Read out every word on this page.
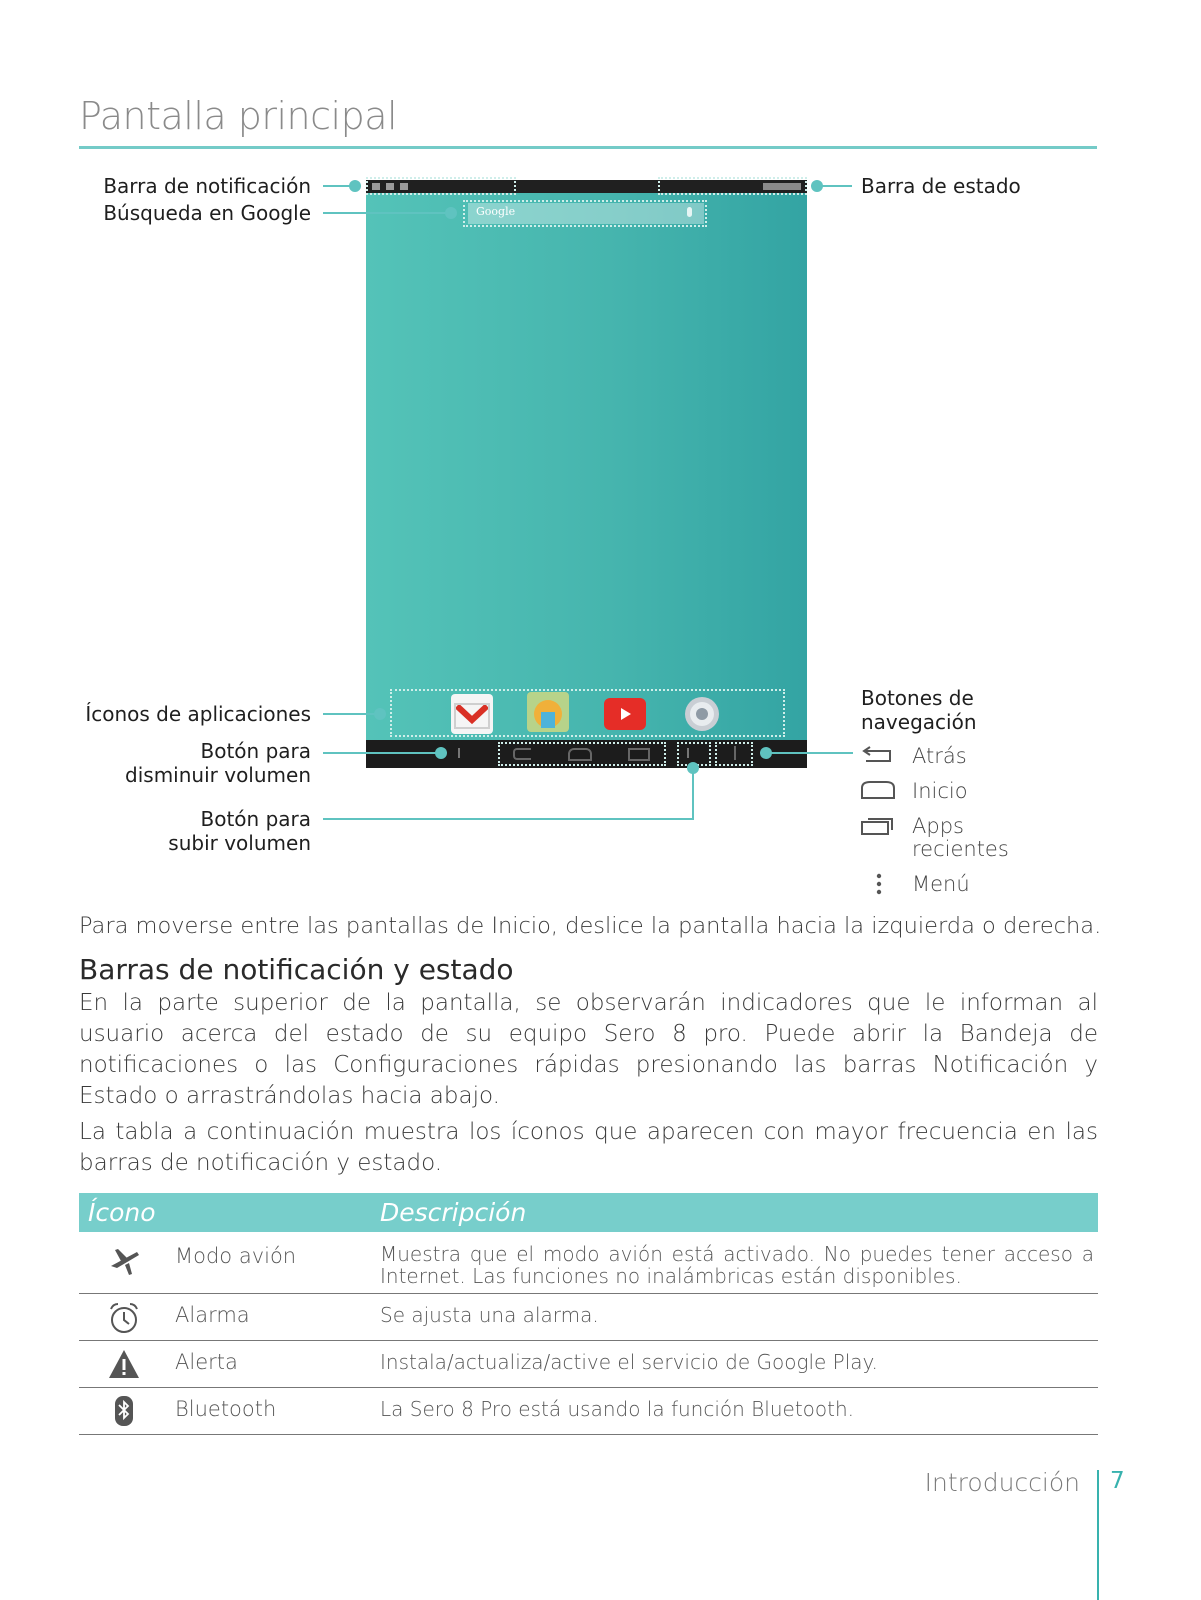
Pantalla principal
Google
Barra de notificación
Búsqueda en Google
Íconos de aplicaciones
Botón para
disminuir volumen
Botón para
subir volumen
Barra de estado
Botones de
navegación
Atrás
Inicio
Apps
recientes
Menú
Para moverse entre las pantallas de Inicio, deslice la pantalla hacia la izquierda o derecha.
Barras de notificación y estado
En la parte superior de la pantalla, se observarán indicadores que le informan al usuario acerca del estado de su equipo Sero 8 pro. Puede abrir la Bandeja de notificaciones o las Configuraciones rápidas presionando las barras Notificación y Estado o arrastrándolas hacia abajo.
La tabla a continuación muestra los íconos que aparecen con mayor frecuencia en las barras de notificación y estado.
Ícono	Descripción
Modo avión	Muestra que el modo avión está activado. No puedes tener acceso a Internet. Las funciones no inalámbricas están disponibles.
Alarma	Se ajusta una alarma.
Alerta	Instala/actualiza/active el servicio de Google Play.
Bluetooth	La Sero 8 Pro está usando la función Bluetooth.
Introducción 7
